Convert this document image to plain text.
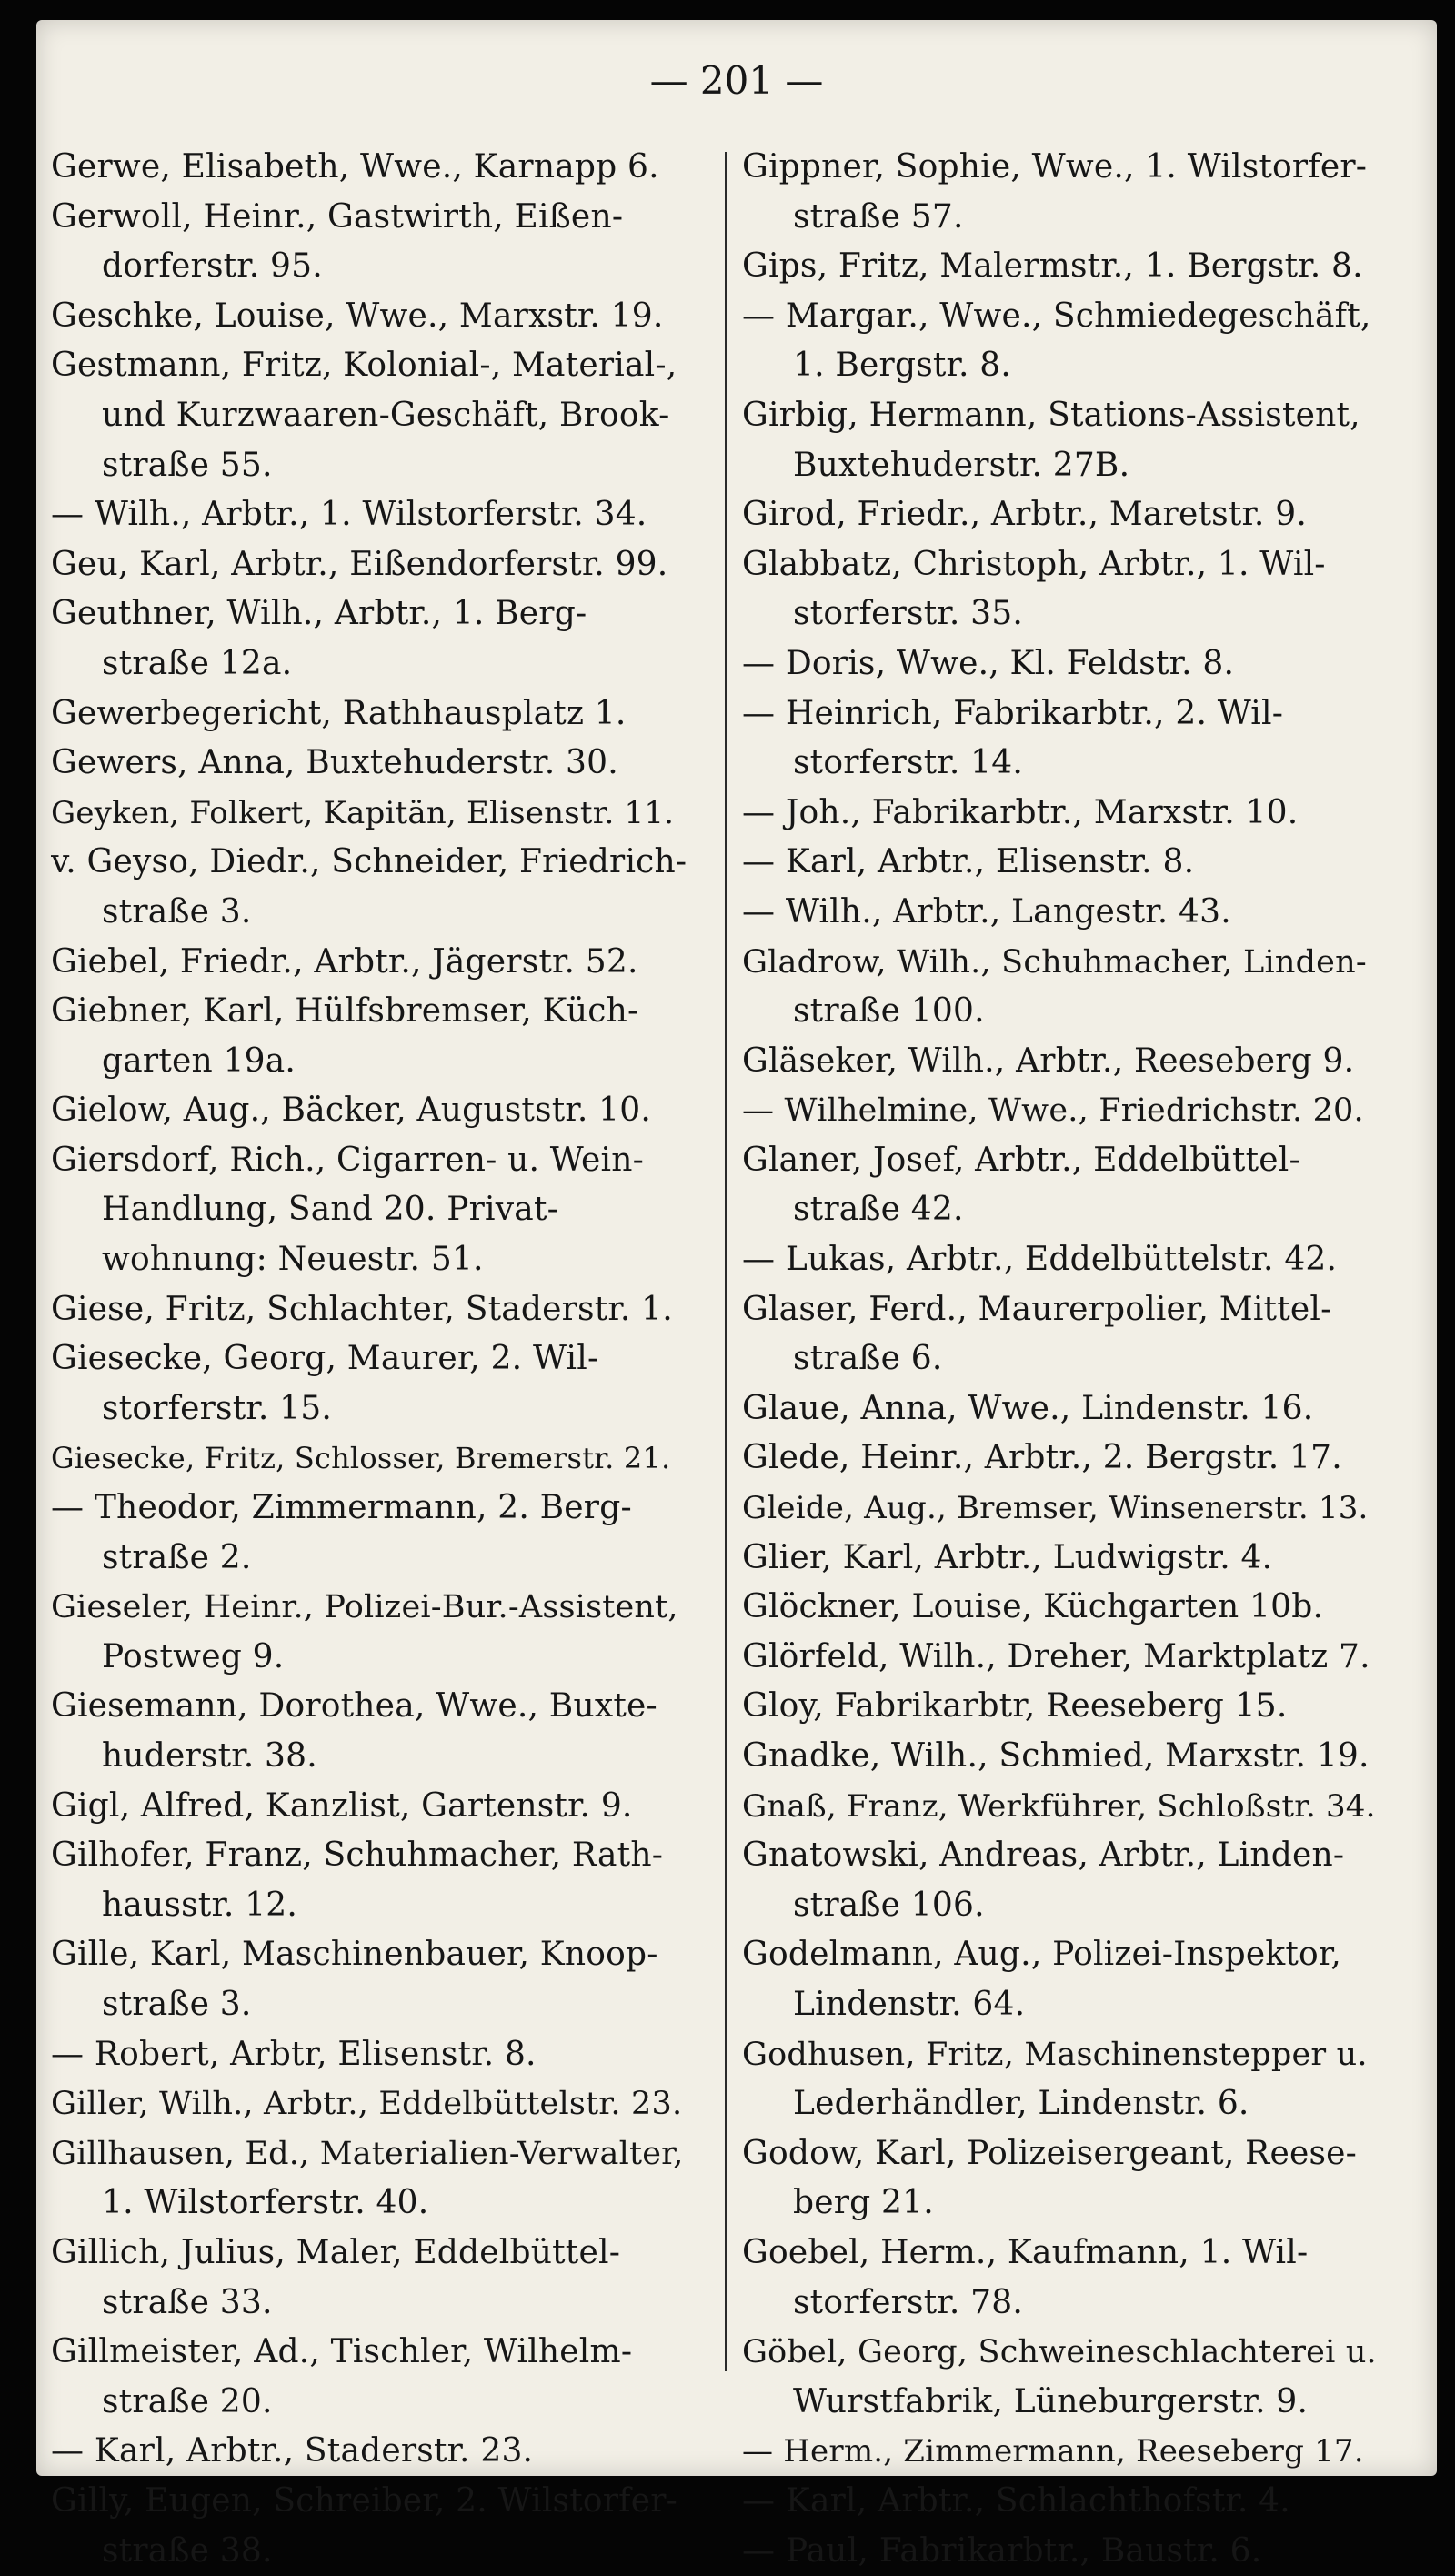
— 201 —
Gerwe, Elisabeth, Wwe., Karnapp 6.
Gerwoll, Heinr., Gastwirth, Eißen-
dorferstr. 95.
Geschke, Louise, Wwe., Marxstr. 19.
Gestmann, Fritz, Kolonial-, Material-,
und Kurzwaaren-Geschäft, Brook-
straße 55.
— Wilh., Arbtr., 1. Wilstorferstr. 34.
Geu, Karl, Arbtr., Eißendorferstr. 99.
Geuthner, Wilh., Arbtr., 1. Berg-
straße 12a.
Gewerbegericht, Rathhausplatz 1.
Gewers, Anna, Buxtehuderstr. 30.
Geyken, Folkert, Kapitän, Elisenstr. 11.
v. Geyso, Diedr., Schneider, Friedrich-
straße 3.
Giebel, Friedr., Arbtr., Jägerstr. 52.
Giebner, Karl, Hülfsbremser, Küch-
garten 19a.
Gielow, Aug., Bäcker, Auguststr. 10.
Giersdorf, Rich., Cigarren- u. Wein-
Handlung, Sand 20. Privat-
wohnung: Neuestr. 51.
Giese, Fritz, Schlachter, Staderstr. 1.
Giesecke, Georg, Maurer, 2. Wil-
storferstr. 15.
Giesecke, Fritz, Schlosser, Bremerstr. 21.
— Theodor, Zimmermann, 2. Berg-
straße 2.
Gieseler, Heinr., Polizei-Bur.-Assistent,
Postweg 9.
Giesemann, Dorothea, Wwe., Buxte-
huderstr. 38.
Gigl, Alfred, Kanzlist, Gartenstr. 9.
Gilhofer, Franz, Schuhmacher, Rath-
hausstr. 12.
Gille, Karl, Maschinenbauer, Knoop-
straße 3.
— Robert, Arbtr, Elisenstr. 8.
Giller, Wilh., Arbtr., Eddelbüttelstr. 23.
Gillhausen, Ed., Materialien-Verwalter,
1. Wilstorferstr. 40.
Gillich, Julius, Maler, Eddelbüttel-
straße 33.
Gillmeister, Ad., Tischler, Wilhelm-
straße 20.
— Karl, Arbtr., Staderstr. 23.
Gilly, Eugen, Schreiber, 2. Wilstorfer-
straße 38.
Gippner, Sophie, Wwe., 1. Wilstorfer-
straße 57.
Gips, Fritz, Malermstr., 1. Bergstr. 8.
— Margar., Wwe., Schmiedegeschäft,
1. Bergstr. 8.
Girbig, Hermann, Stations-Assistent,
Buxtehuderstr. 27B.
Girod, Friedr., Arbtr., Maretstr. 9.
Glabbatz, Christoph, Arbtr., 1. Wil-
storferstr. 35.
— Doris, Wwe., Kl. Feldstr. 8.
— Heinrich, Fabrikarbtr., 2. Wil-
storferstr. 14.
— Joh., Fabrikarbtr., Marxstr. 10.
— Karl, Arbtr., Elisenstr. 8.
— Wilh., Arbtr., Langestr. 43.
Gladrow, Wilh., Schuhmacher, Linden-
straße 100.
Gläseker, Wilh., Arbtr., Reeseberg 9.
— Wilhelmine, Wwe., Friedrichstr. 20.
Glaner, Josef, Arbtr., Eddelbüttel-
straße 42.
— Lukas, Arbtr., Eddelbüttelstr. 42.
Glaser, Ferd., Maurerpolier, Mittel-
straße 6.
Glaue, Anna, Wwe., Lindenstr. 16.
Glede, Heinr., Arbtr., 2. Bergstr. 17.
Gleide, Aug., Bremser, Winsenerstr. 13.
Glier, Karl, Arbtr., Ludwigstr. 4.
Glöckner, Louise, Küchgarten 10b.
Glörfeld, Wilh., Dreher, Marktplatz 7.
Gloy, Fabrikarbtr, Reeseberg 15.
Gnadke, Wilh., Schmied, Marxstr. 19.
Gnaß, Franz, Werkführer, Schloßstr. 34.
Gnatowski, Andreas, Arbtr., Linden-
straße 106.
Godelmann, Aug., Polizei-Inspektor,
Lindenstr. 64.
Godhusen, Fritz, Maschinenstepper u.
Lederhändler, Lindenstr. 6.
Godow, Karl, Polizeisergeant, Reese-
berg 21.
Goebel, Herm., Kaufmann, 1. Wil-
storferstr. 78.
Göbel, Georg, Schweineschlachterei u.
Wurstfabrik, Lüneburgerstr. 9.
— Herm., Zimmermann, Reeseberg 17.
— Karl, Arbtr., Schlachthofstr. 4.
— Paul, Fabrikarbtr., Baustr. 6.
